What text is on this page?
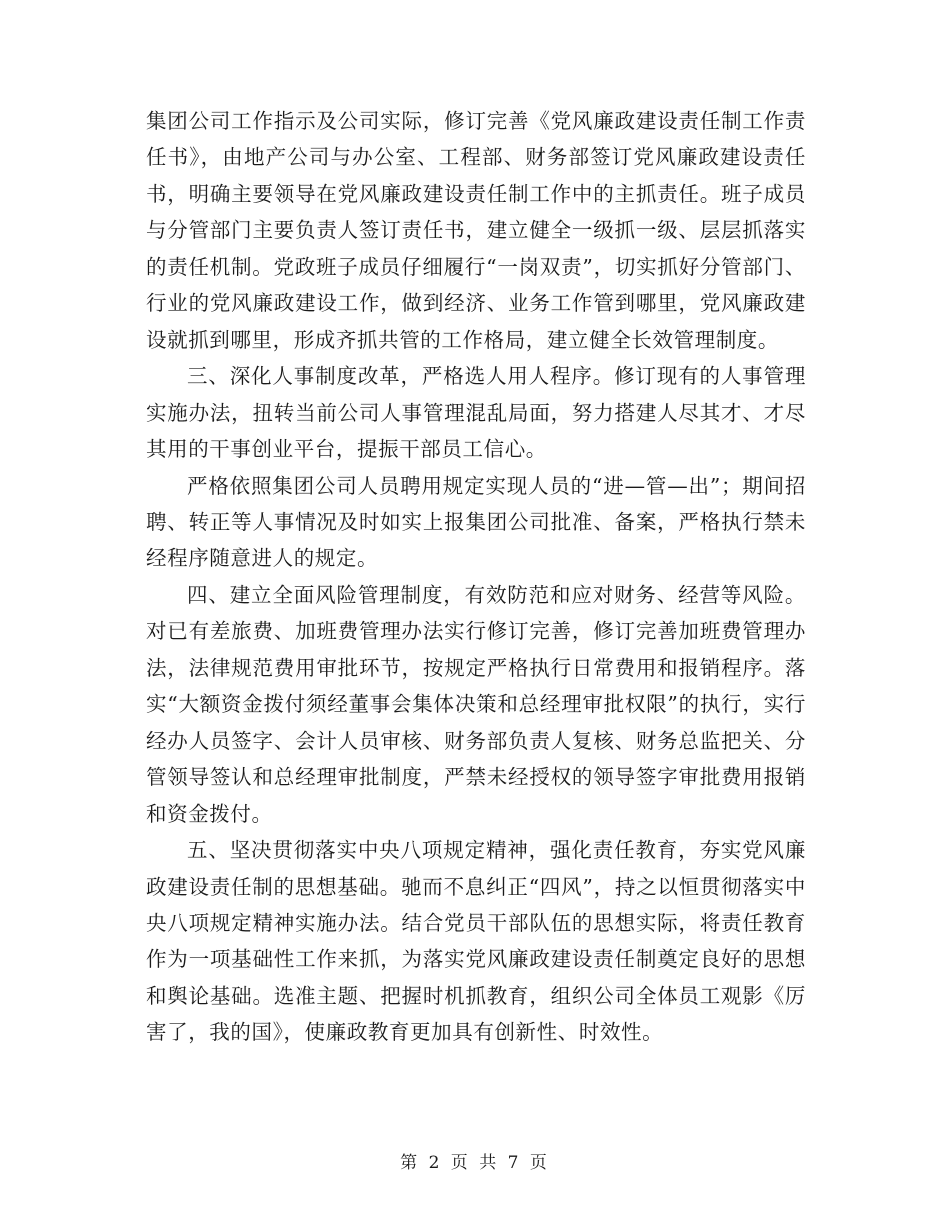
集团公司工作指示及公司实际，修订完善《党风廉政建设责任制工作责任书》，由地产公司与办公室、工程部、财务部签订党风廉政建设责任书，明确主要领导在党风廉政建设责任制工作中的主抓责任。班子成员与分管部门主要负责人签订责任书，建立健全一级抓一级、层层抓落实的责任机制。党政班子成员仔细履行“一岗双责”，切实抓好分管部门、行业的党风廉政建设工作，做到经济、业务工作管到哪里，党风廉政建设就抓到哪里，形成齐抓共管的工作格局，建立健全长效管理制度。

三、深化人事制度改革，严格选人用人程序。修订现有的人事管理实施办法，扭转当前公司人事管理混乱局面，努力搭建人尽其才、才尽其用的干事创业平台，提振干部员工信心。

严格依照集团公司人员聘用规定实现人员的“进—管—出”；期间招聘、转正等人事情况及时如实上报集团公司批准、备案，严格执行禁未经程序随意进人的规定。

四、建立全面风险管理制度，有效防范和应对财务、经营等风险。对已有差旅费、加班费管理办法实行修订完善，修订完善加班费管理办法，法律规范费用审批环节，按规定严格执行日常费用和报销程序。落实“大额资金拨付须经董事会集体决策和总经理审批权限”的执行，实行经办人员签字、会计人员审核、财务部负责人复核、财务总监把关、分管领导签认和总经理审批制度，严禁未经授权的领导签字审批费用报销和资金拨付。

五、坚决贯彻落实中央八项规定精神，强化责任教育，夯实党风廉政建设责任制的思想基础。驰而不息纠正“四风”，持之以恒贯彻落实中央八项规定精神实施办法。结合党员干部队伍的思想实际，将责任教育作为一项基础性工作来抓，为落实党风廉政建设责任制奠定良好的思想和舆论基础。选准主题、把握时机抓教育，组织公司全体员工观影《厉害了，我的国》，使廉政教育更加具有创新性、时效性。

第 2 页 共 7 页
